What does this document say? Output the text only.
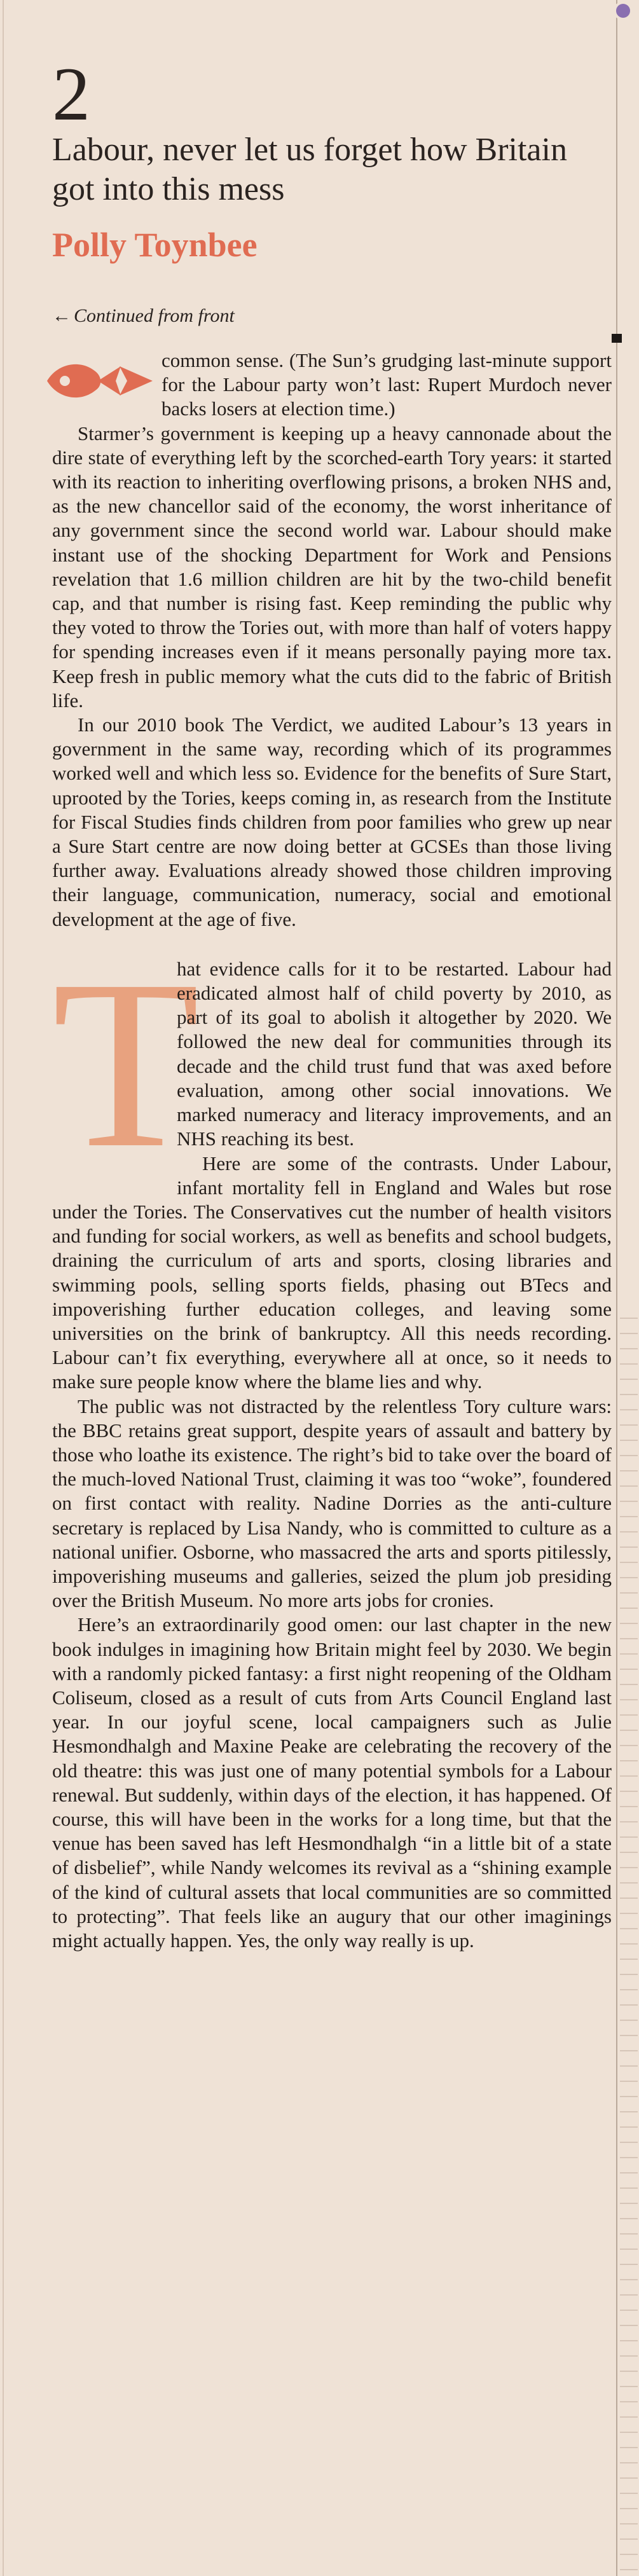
2
Labour, never let us forget how Britain got into this mess
Polly Toynbee
← Continued from front

common sense. (The Sun’s grudging last-minute support for the Labour party won’t last: Rupert Murdoch never backs losers at election time.)

Starmer’s government is keeping up a heavy cannonade about the dire state of everything left by the scorched-earth Tory years: it started with its reaction to inheriting overflowing prisons, a broken NHS and, as the new chancellor said of the economy, the worst inheritance of any government since the second world war. Labour should make instant use of the shocking Department for Work and Pensions revelation that 1.6 million children are hit by the two-child benefit cap, and that number is rising fast. Keep reminding the public why they voted to throw the Tories out, with more than half of voters happy for spending increases even if it means personally paying more tax. Keep fresh in public memory what the cuts did to the fabric of British life.

In our 2010 book The Verdict, we audited Labour’s 13 years in government in the same way, recording which of its programmes worked well and which less so. Evidence for the benefits of Sure Start, uprooted by the Tories, keeps coming in, as research from the Institute for Fiscal Studies finds children from poor families who grew up near a Sure Start centre are now doing better at GCSEs than those living further away. Evaluations already showed those children improving their language, communication, numeracy, social and emotional development at the age of five.

T

hat evidence calls for it to be restarted. Labour had eradicated almost half of child poverty by 2010, as part of its goal to abolish it altogether by 2020. We followed the new deal for communities through its decade and the child trust fund that was axed before evaluation, among other social innovations. We marked numeracy and literacy improvements, and an NHS reaching its best.

Here are some of the contrasts. Under Labour, infant mortality fell in England and Wales but rose under the Tories. The Conservatives cut the number of health visitors and funding for social workers, as well as benefits and school budgets, draining the curriculum of arts and sports, closing libraries and swimming pools, selling sports fields, phasing out BTecs and impoverishing further education colleges, and leaving some universities on the brink of bankruptcy. All this needs recording. Labour can’t fix everything, everywhere all at once, so it needs to make sure people know where the blame lies and why.

The public was not distracted by the relentless Tory culture wars: the BBC retains great support, despite years of assault and battery by those who loathe its existence. The right’s bid to take over the board of the much-loved National Trust, claiming it was too “woke”, foundered on first contact with reality. Nadine Dorries as the anti-culture secretary is replaced by Lisa Nandy, who is committed to culture as a national unifier. Osborne, who massacred the arts and sports pitilessly, impoverishing museums and galleries, seized the plum job presiding over the British Museum. No more arts jobs for cronies.

Here’s an extraordinarily good omen: our last chapter in the new book indulges in imagining how Britain might feel by 2030. We begin with a randomly picked fantasy: a first night reopening of the Oldham Coliseum, closed as a result of cuts from Arts Council England last year. In our joyful scene, local campaigners such as Julie Hesmondhalgh and Maxine Peake are celebrating the recovery of the old theatre: this was just one of many potential symbols for a Labour renewal. But suddenly, within days of the election, it has happened. Of course, this will have been in the works for a long time, but that the venue has been saved has left Hesmondhalgh “in a little bit of a state of disbelief”, while Nandy welcomes its revival as a “shining example of the kind of cultural assets that local communities are so committed to protecting”. That feels like an augury that our other imaginings might actually happen. Yes, the only way really is up.
